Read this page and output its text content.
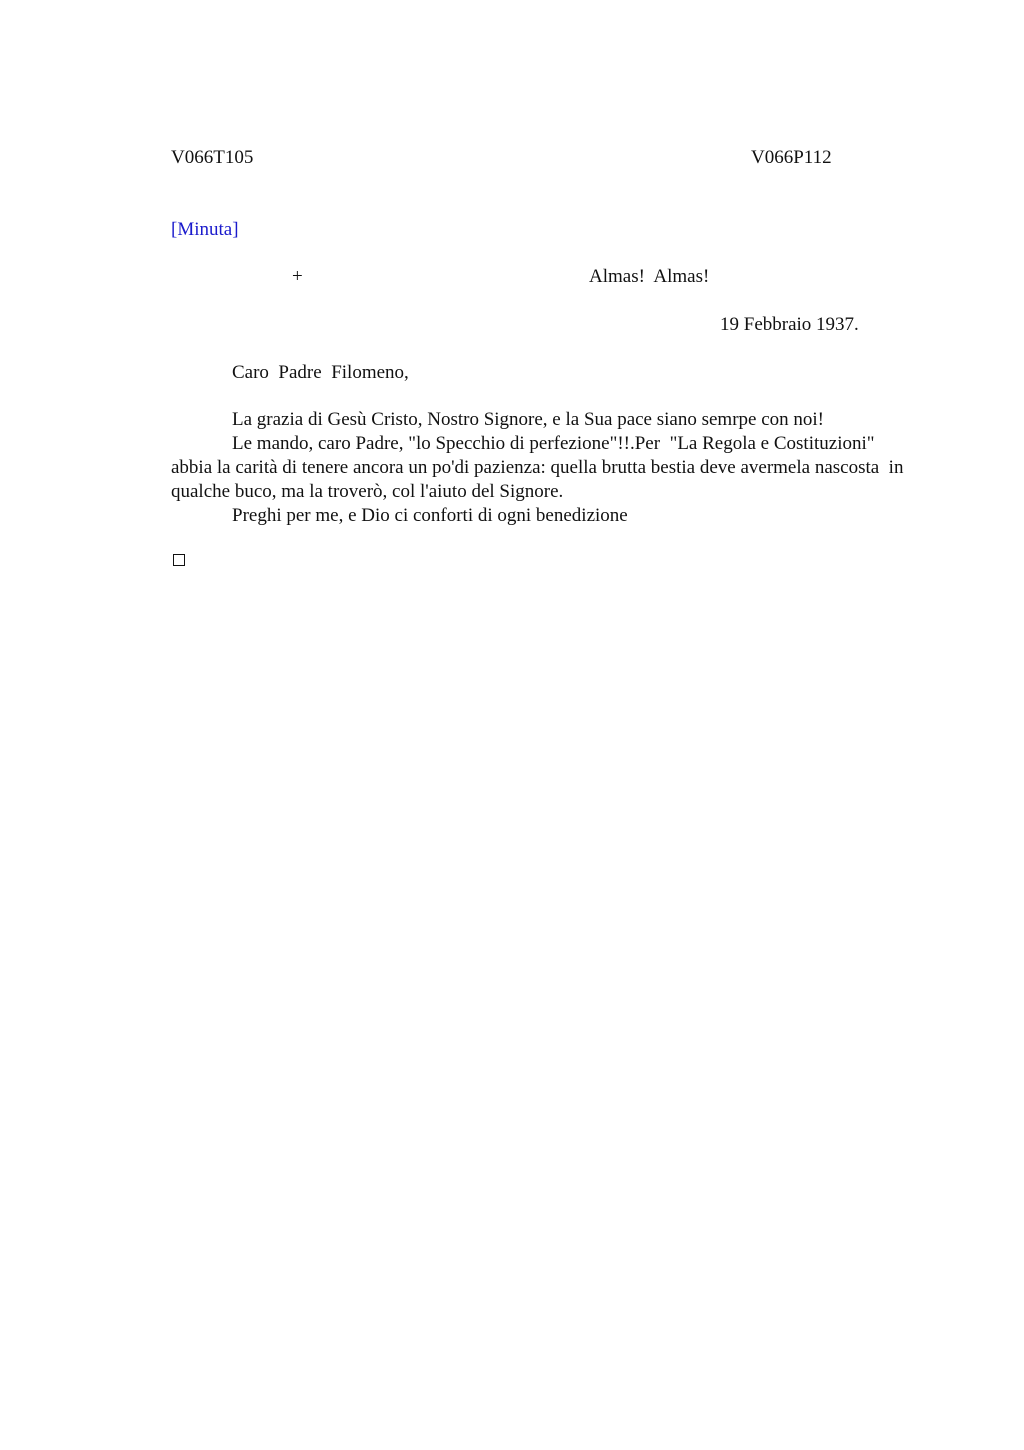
V066T105	V066P112
[Minuta]
+	Almas!  Almas!
19 Febbraio 1937.
Caro  Padre  Filomeno,
La grazia di Gesù Cristo, Nostro Signore, e la Sua pace siano semrpe con noi!
Le mando, caro Padre, "lo Specchio di perfezione"!!.Per  "La Regola e Costituzioni" abbia la carità di tenere ancora un po'di pazienza: quella brutta bestia deve avermela nascosta  in qualche buco, ma la troverò, col l'aiuto del Signore.
Preghi per me, e Dio ci conforti di ogni benedizione
